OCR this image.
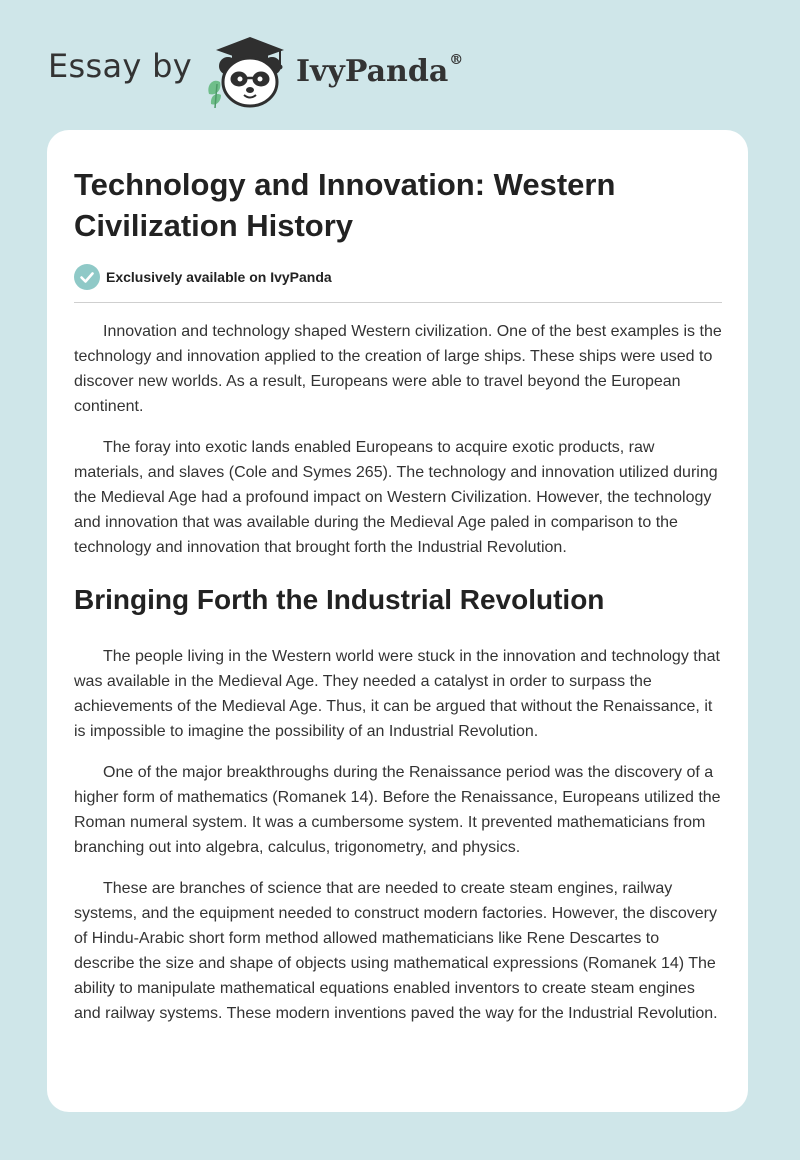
Essay by	IvyPanda®
Technology and Innovation: Western Civilization History
Exclusively available on IvyPanda

Innovation and technology shaped Western civilization. One of the best examples is the technology and innovation applied to the creation of large ships. These ships were used to discover new worlds. As a result, Europeans were able to travel beyond the European continent.

The foray into exotic lands enabled Europeans to acquire exotic products, raw materials, and slaves (Cole and Symes 265). The technology and innovation utilized during the Medieval Age had a profound impact on Western Civilization. However, the technology and innovation that was available during the Medieval Age paled in comparison to the technology and innovation that brought forth the Industrial Revolution.

Bringing Forth the Industrial Revolution

The people living in the Western world were stuck in the innovation and technology that was available in the Medieval Age. They needed a catalyst in order to surpass the achievements of the Medieval Age. Thus, it can be argued that without the Renaissance, it is impossible to imagine the possibility of an Industrial Revolution.

One of the major breakthroughs during the Renaissance period was the discovery of a higher form of mathematics (Romanek 14). Before the Renaissance, Europeans utilized the Roman numeral system. It was a cumbersome system. It prevented mathematicians from branching out into algebra, calculus, trigonometry, and physics.

These are branches of science that are needed to create steam engines, railway systems, and the equipment needed to construct modern factories. However, the discovery of Hindu-Arabic short form method allowed mathematicians like Rene Descartes to describe the size and shape of objects using mathematical expressions (Romanek 14) The ability to manipulate mathematical equations enabled inventors to create steam engines and railway systems. These modern inventions paved the way for the Industrial Revolution.
